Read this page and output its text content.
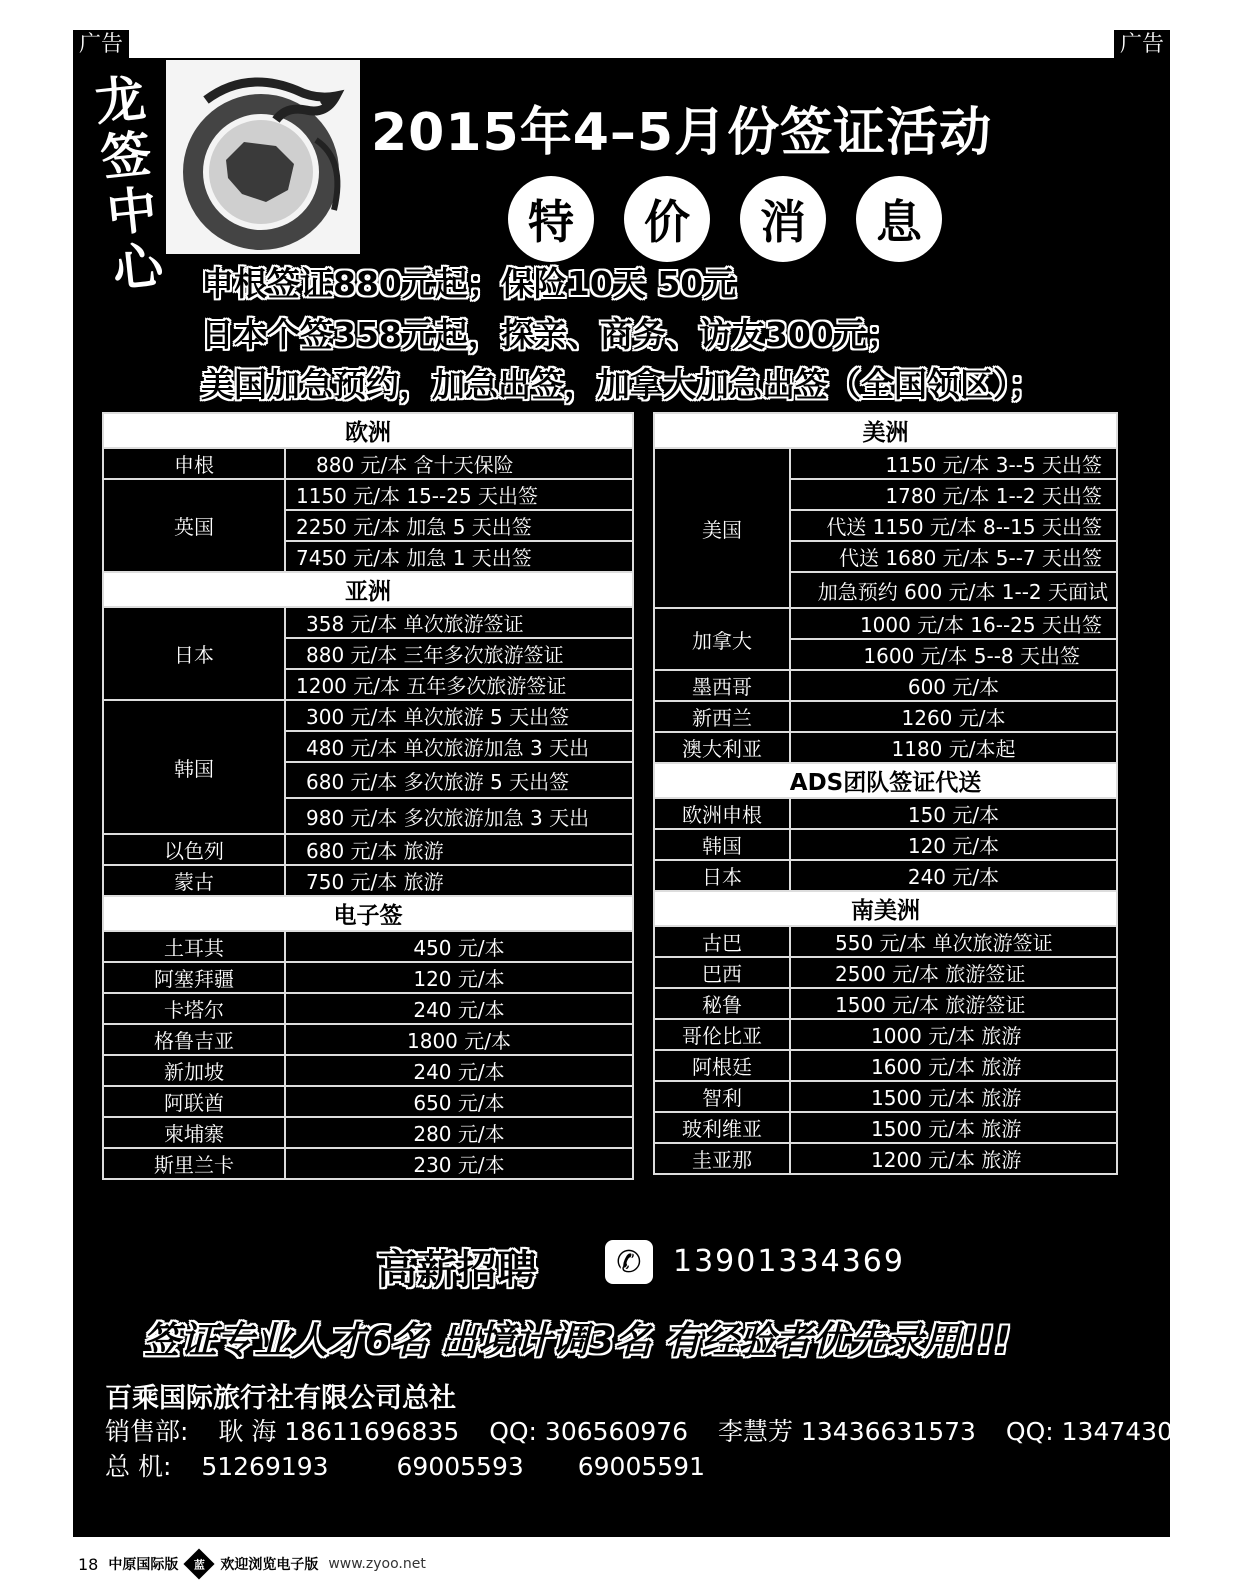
广告	广告
龙
签
中
心
2015年4–5月份签证活动
特	价	消	息
申根签证880元起；保险10天 50元
日本个签358元起，探亲、商务、访友300元；
美国加急预约，加急出签，加拿大加急出签（全国领区）；
欧洲	
申根	880 元/本 含十天保险
英国	1150 元/本 15--25 天出签
	2250 元/本 加急 5 天出签
	7450 元/本 加急 1 天出签
亚洲	
日本	358 元/本 单次旅游签证
	880 元/本 三年多次旅游签证
	1200 元/本 五年多次旅游签证
韩国	300 元/本 单次旅游 5 天出签
	480 元/本 单次旅游加急 3 天出
	680 元/本 多次旅游 5 天出签
	980 元/本 多次旅游加急 3 天出
以色列	680 元/本 旅游
蒙古	750 元/本 旅游
电子签	
土耳其	450 元/本
阿塞拜疆	120 元/本
卡塔尔	240 元/本
格鲁吉亚	1800 元/本
新加坡	240 元/本
阿联酋	650 元/本
柬埔寨	280 元/本
斯里兰卡	230 元/本
美洲	
美国	1150 元/本 3--5 天出签
	1780 元/本 1--2 天出签
	代送 1150 元/本 8--15 天出签
	代送 1680 元/本 5--7 天出签
	加急预约 600 元/本 1--2 天面试
加拿大	1000 元/本 16--25 天出签
	1600 元/本 5--8 天出签
墨西哥	600 元/本
新西兰	1260 元/本
澳大利亚	1180 元/本起
ADS团队签证代送	
欧洲申根	150 元/本
韩国	120 元/本
日本	240 元/本
南美洲	
古巴	550 元/本 单次旅游签证
巴西	2500 元/本 旅游签证
秘鲁	1500 元/本 旅游签证
哥伦比亚	1000 元/本 旅游
阿根廷	1600 元/本 旅游
智利	1500 元/本 旅游
玻利维亚	1500 元/本 旅游
圭亚那	1200 元/本 旅游
高薪招聘	✆	13901334369
签证专业人才6名 出境计调3名 有经验者优先录用!!!
百乘国际旅行社有限公司总社
销售部: 耿 海 18611696835 QQ: 306560976 李慧芳 13436631573 QQ: 1347430236
总 机: 51269193	69005593 69005591
18 中原国际版 蓝 欢迎浏览电子版 www.zyoo.net
